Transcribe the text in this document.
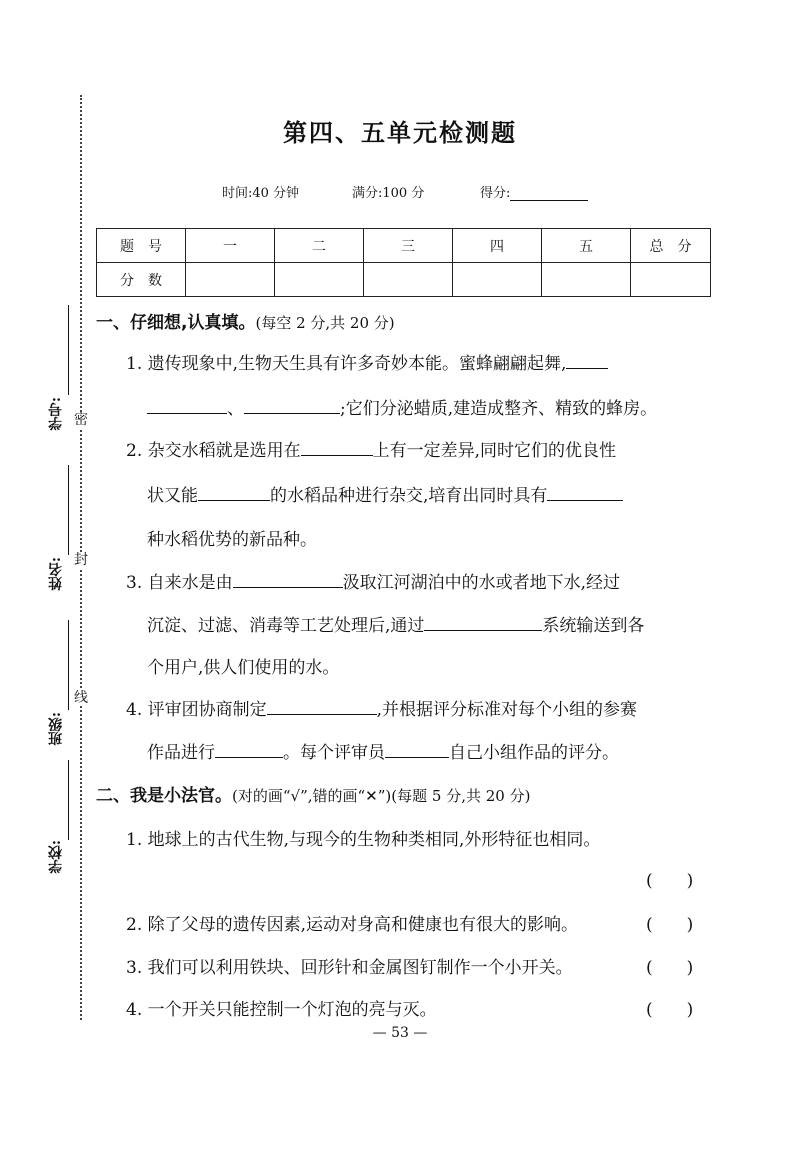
密
封
线
学号:
姓名:
班级:
学校:
第四、五单元检测题
时间:40 分钟	满分:100 分	得分:
题　号	一	二	三	四	五	总　分
分　数						
一、仔细想,认真填。(每空 2 分,共 20 分)
1. 遗传现象中,生物天生具有许多奇妙本能。蜜蜂翩翩起舞,
、	;它们分泌蜡质,建造成整齐、精致的蜂房。
2. 杂交水稻就是选用在	上有一定差异,同时它们的优良性
状又能	的水稻品种进行杂交,培育出同时具有
种水稻优势的新品种。
3. 自来水是由	汲取江河湖泊中的水或者地下水,经过
沉淀、过滤、消毒等工艺处理后,通过	系统输送到各
个用户,供人们使用的水。
4. 评审团协商制定	,并根据评分标准对每个小组的参赛
作品进行	。每个评审员	自己小组作品的评分。
二、我是小法官。(对的画“√”,错的画“✕”)(每题 5 分,共 20 分)
1. 地球上的古代生物,与现今的生物种类相同,外形特征也相同。
(　　)
2. 除了父母的遗传因素,运动对身高和健康也有很大的影响。	(　　)
3. 我们可以利用铁块、回形针和金属图钉制作一个小开关。	(　　)
4. 一个开关只能控制一个灯泡的亮与灭。	(　　)
— 53 —
